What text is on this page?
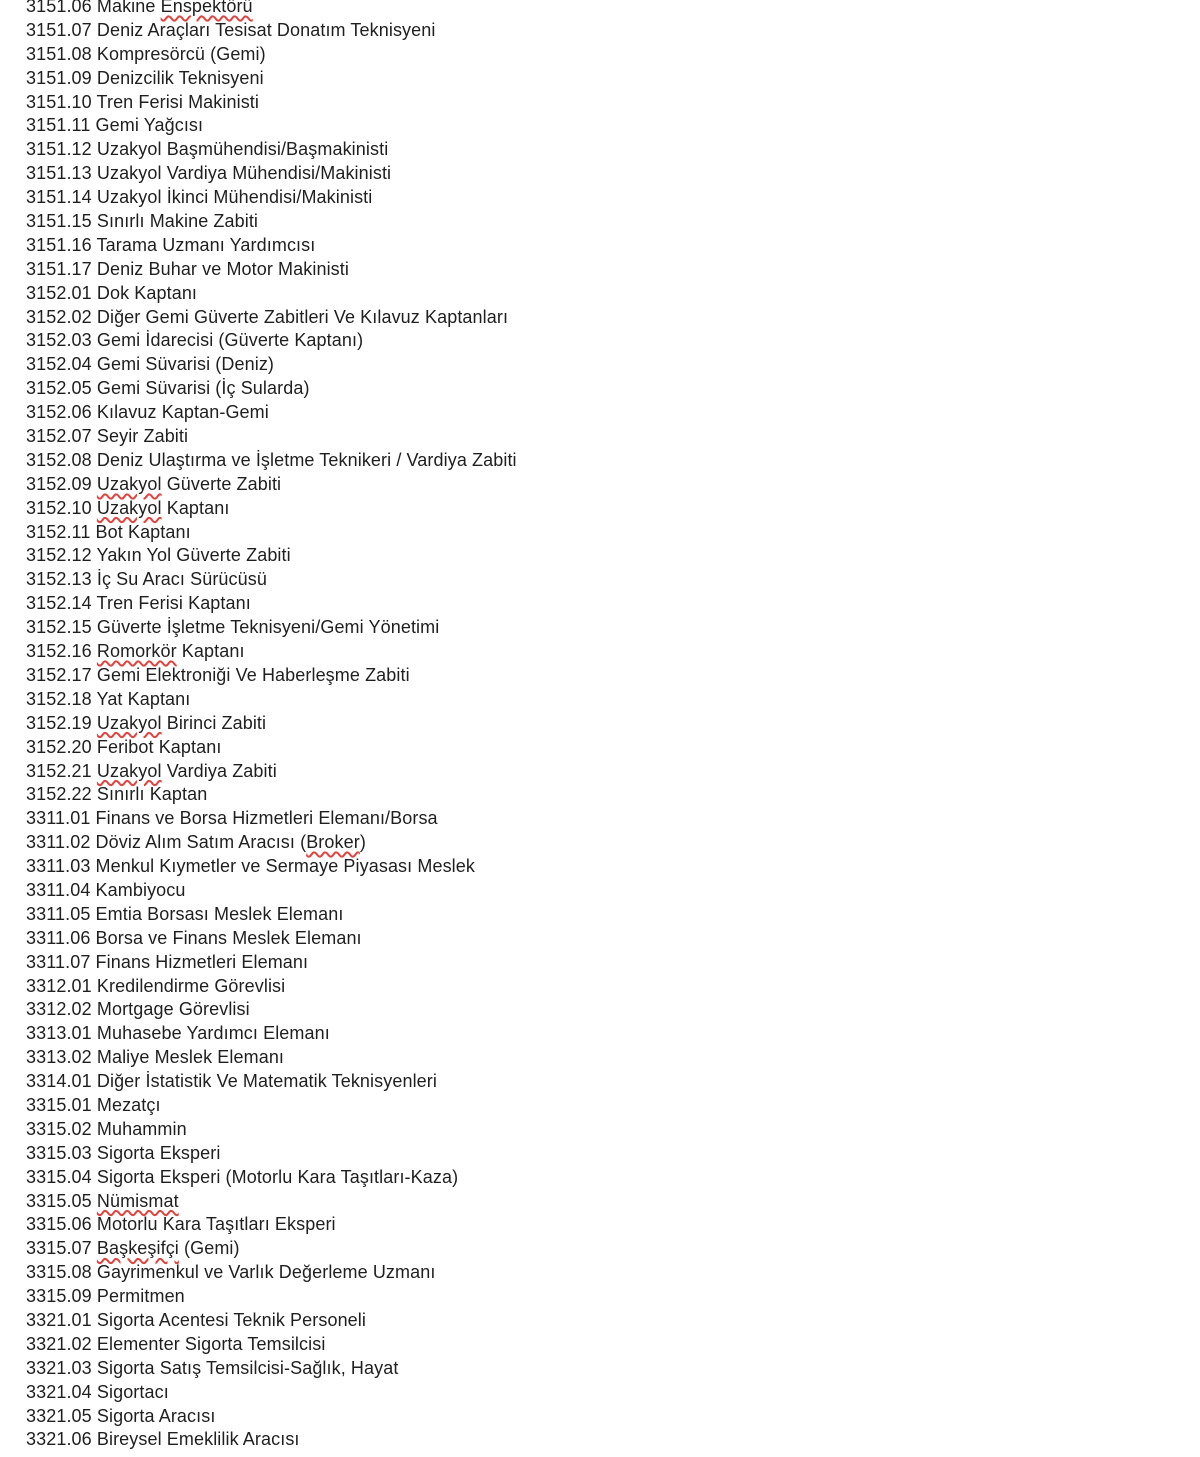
3151.06 Makine Enspektörü
3151.07 Deniz Araçları Tesisat Donatım Teknisyeni
3151.08 Kompresörcü (Gemi)
3151.09 Denizcilik Teknisyeni
3151.10 Tren Ferisi Makinisti
3151.11 Gemi Yağcısı
3151.12 Uzakyol Başmühendisi/Başmakinisti
3151.13 Uzakyol Vardiya Mühendisi/Makinisti
3151.14 Uzakyol İkinci Mühendisi/Makinisti
3151.15 Sınırlı Makine Zabiti
3151.16 Tarama Uzmanı Yardımcısı
3151.17 Deniz Buhar ve Motor Makinisti
3152.01 Dok Kaptanı
3152.02 Diğer Gemi Güverte Zabitleri Ve Kılavuz Kaptanları
3152.03 Gemi İdarecisi (Güverte Kaptanı)
3152.04 Gemi Süvarisi (Deniz)
3152.05 Gemi Süvarisi (İç Sularda)
3152.06 Kılavuz Kaptan-Gemi
3152.07 Seyir Zabiti
3152.08 Deniz Ulaştırma ve İşletme Teknikeri / Vardiya Zabiti
3152.09 Uzakyol Güverte Zabiti
3152.10 Uzakyol Kaptanı
3152.11 Bot Kaptanı
3152.12 Yakın Yol Güverte Zabiti
3152.13 İç Su Aracı Sürücüsü
3152.14 Tren Ferisi Kaptanı
3152.15 Güverte İşletme Teknisyeni/Gemi Yönetimi
3152.16 Romorkör Kaptanı
3152.17 Gemi Elektroniği Ve Haberleşme Zabiti
3152.18 Yat Kaptanı
3152.19 Uzakyol Birinci Zabiti
3152.20 Feribot Kaptanı
3152.21 Uzakyol Vardiya Zabiti
3152.22 Sınırlı Kaptan
3311.01 Finans ve Borsa Hizmetleri Elemanı/Borsa
3311.02 Döviz Alım Satım Aracısı (Broker)
3311.03 Menkul Kıymetler ve Sermaye Piyasası Meslek
3311.04 Kambiyocu
3311.05 Emtia Borsası Meslek Elemanı
3311.06 Borsa ve Finans Meslek Elemanı
3311.07 Finans Hizmetleri Elemanı
3312.01 Kredilendirme Görevlisi
3312.02 Mortgage Görevlisi
3313.01 Muhasebe Yardımcı Elemanı
3313.02 Maliye Meslek Elemanı
3314.01 Diğer İstatistik Ve Matematik Teknisyenleri
3315.01 Mezatçı
3315.02 Muhammin
3315.03 Sigorta Eksperi
3315.04 Sigorta Eksperi (Motorlu Kara Taşıtları-Kaza)
3315.05 Nümismat
3315.06 Motorlu Kara Taşıtları Eksperi
3315.07 Başkeşifçi (Gemi)
3315.08 Gayrimenkul ve Varlık Değerleme Uzmanı
3315.09 Permitmen
3321.01 Sigorta Acentesi Teknik Personeli
3321.02 Elementer Sigorta Temsilcisi
3321.03 Sigorta Satış Temsilcisi-Sağlık, Hayat
3321.04 Sigortacı
3321.05 Sigorta Aracısı
3321.06 Bireysel Emeklilik Aracısı
